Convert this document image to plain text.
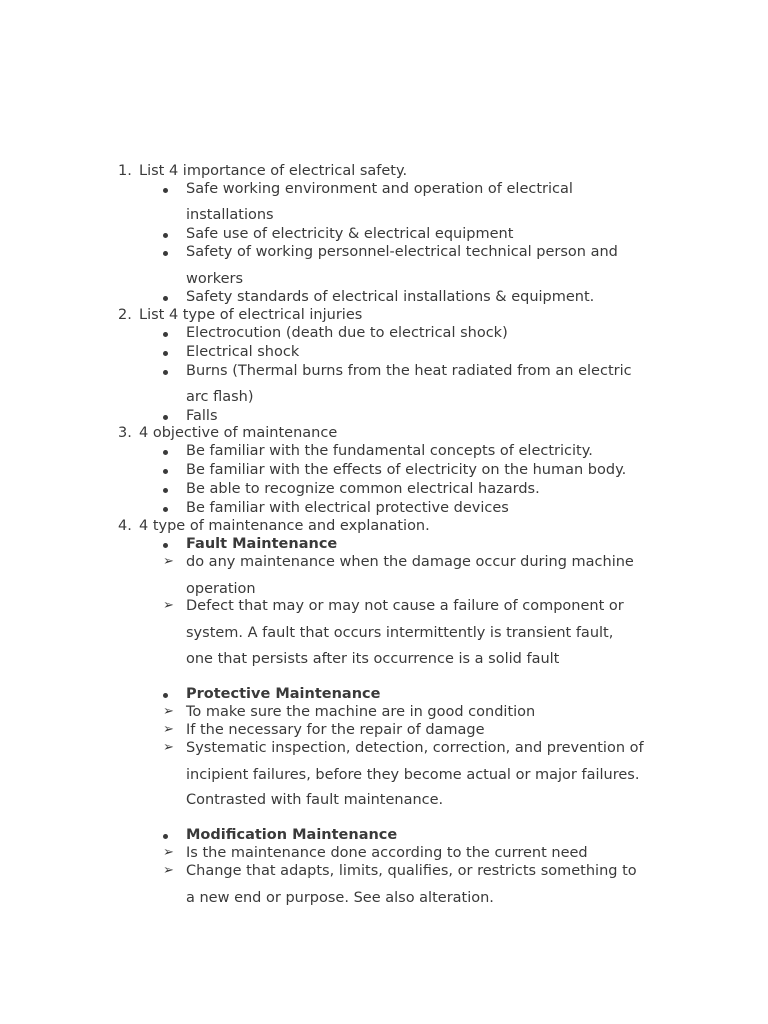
1. List 4 importance of electrical safety.
Safe working environment and operation of electrical
installations
Safe use of electricity & electrical equipment
Safety of working personnel-electrical technical person and
workers
Safety standards of electrical installations & equipment.
2. List 4 type of electrical injuries
Electrocution (death due to electrical shock)
Electrical shock
Burns (Thermal burns from the heat radiated from an electric
arc flash)
Falls
3. 4 objective of maintenance
Be familiar with the fundamental concepts of electricity.
Be familiar with the effects of electricity on the human body.
Be able to recognize common electrical hazards.
Be familiar with electrical protective devices
4. 4 type of maintenance and explanation.
Fault Maintenance
➢ do any maintenance when the damage occur during machine
operation
➢ Defect that may or may not cause a failure of component or
system. A fault that occurs intermittently is transient fault,
one that persists after its occurrence is a solid fault
Protective Maintenance
➢ To make sure the machine are in good condition
➢ If the necessary for the repair of damage
➢ Systematic inspection, detection, correction, and prevention of
incipient failures, before they become actual or major failures.
Contrasted with fault maintenance.
Modification Maintenance
➢ Is the maintenance done according to the current need
➢ Change that adapts, limits, qualifies, or restricts something to
a new end or purpose. See also alteration.
